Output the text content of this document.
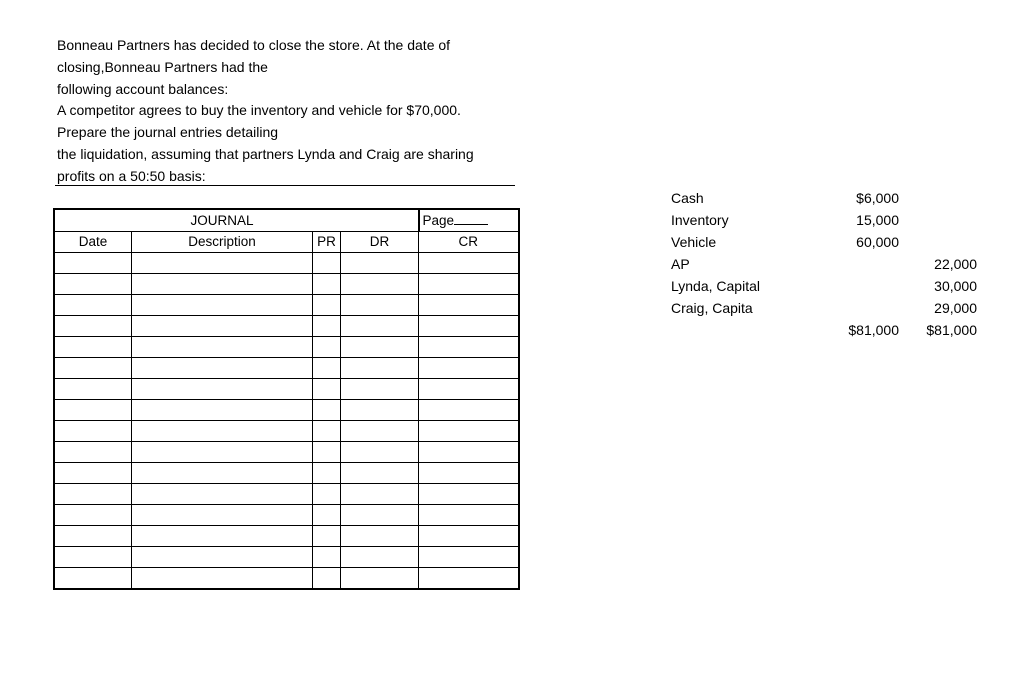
Bonneau Partners has decided to close the store. At the date of
closing,Bonneau Partners had the
following account balances:
A competitor agrees to buy the inventory and vehicle for $70,000.
Prepare the journal entries detailing
the liquidation, assuming that partners Lynda and Craig are sharing
profits on a 50:50 basis:
	JOURNAL			Page
Date	Description	PR	DR	CR

Cash	$6,000	
Inventory	15,000	
Vehicle	60,000	
AP		22,000
Lynda, Capital		30,000
Craig, Capita		29,000
	$81,000	$81,000
